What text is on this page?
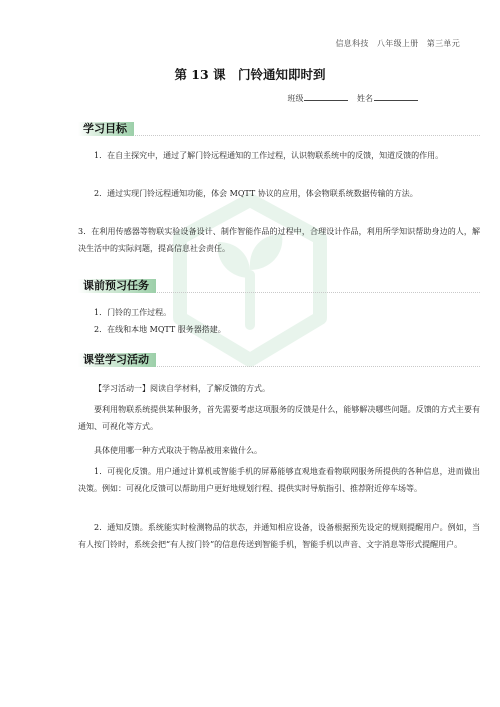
信息科技　八年级上册　第三单元
第 13 课　门铃通知即时到
班级	姓名
学习目标

1．在自主探究中，通过了解门铃远程通知的工作过程，认识物联系统中的反馈，知道反馈的作用。

2．通过实现门铃远程通知功能，体会 MQTT 协议的应用，体会物联系统数据传输的方法。

3．在利用传感器等物联实验设备设计、制作智能作品的过程中，合理设计作品，利用所学知识帮助身边的人，解决生活中的实际问题，提高信息社会责任。

课前预习任务

1．门铃的工作过程。

2．在线和本地 MQTT 服务器搭建。

课堂学习活动

【学习活动一】阅读自学材料，了解反馈的方式。

要利用物联系统提供某种服务，首先需要考虑这项服务的反馈是什么，能够解决哪些问题。反馈的方式主要有通知、可视化等方式。

具体使用哪一种方式取决于物品被用来做什么。

1．可视化反馈。用户通过计算机或智能手机的屏幕能够直观地查看物联网服务所提供的各种信息，进而做出决策。例如：可视化反馈可以帮助用户更好地规划行程、提供实时导航指引、推荐附近停车场等。

2．通知反馈。系统能实时检测物品的状态，并通知相应设备，设备根据预先设定的规则提醒用户。例如，当有人按门铃时，系统会把“有人按门铃”的信息传送到智能手机，智能手机以声音、文字消息等形式提醒用户。
